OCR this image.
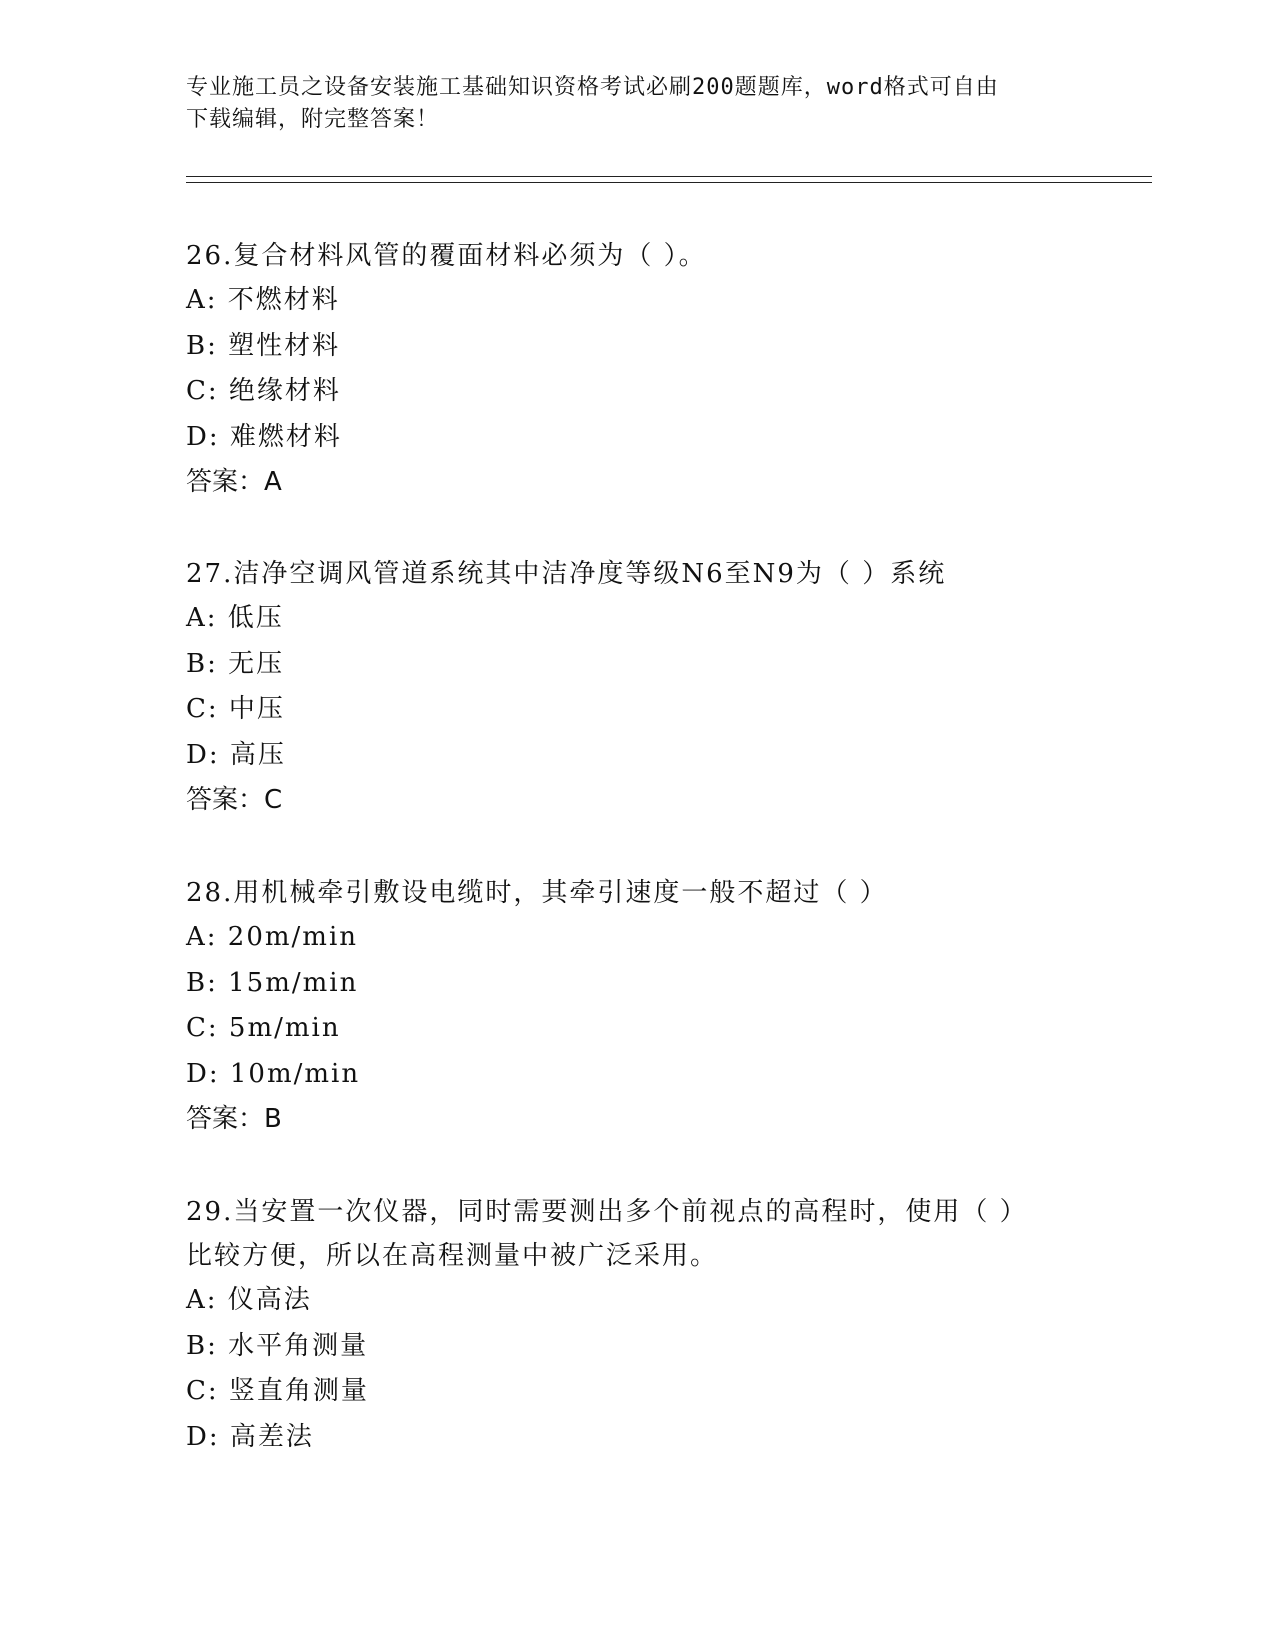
专业施工员之设备安装施工基础知识资格考试必刷200题题库，word格式可自由
下载编辑，附完整答案！

26.复合材料风管的覆面材料必须为（ ）。

A: 不燃材料

B: 塑性材料

C: 绝缘材料

D: 难燃材料

答案：A

27.洁净空调风管道系统其中洁净度等级N6至N9为（ ）系统

A: 低压

B: 无压

C: 中压

D: 高压

答案：C

28.用机械牵引敷设电缆时，其牵引速度一般不超过（ ）

A: 20m/min

B: 15m/min

C: 5m/min

D: 10m/min

答案：B

29.当安置一次仪器，同时需要测出多个前视点的高程时，使用（ ）

比较方便，所以在高程测量中被广泛采用。

A: 仪高法

B: 水平角测量

C: 竖直角测量

D: 高差法
